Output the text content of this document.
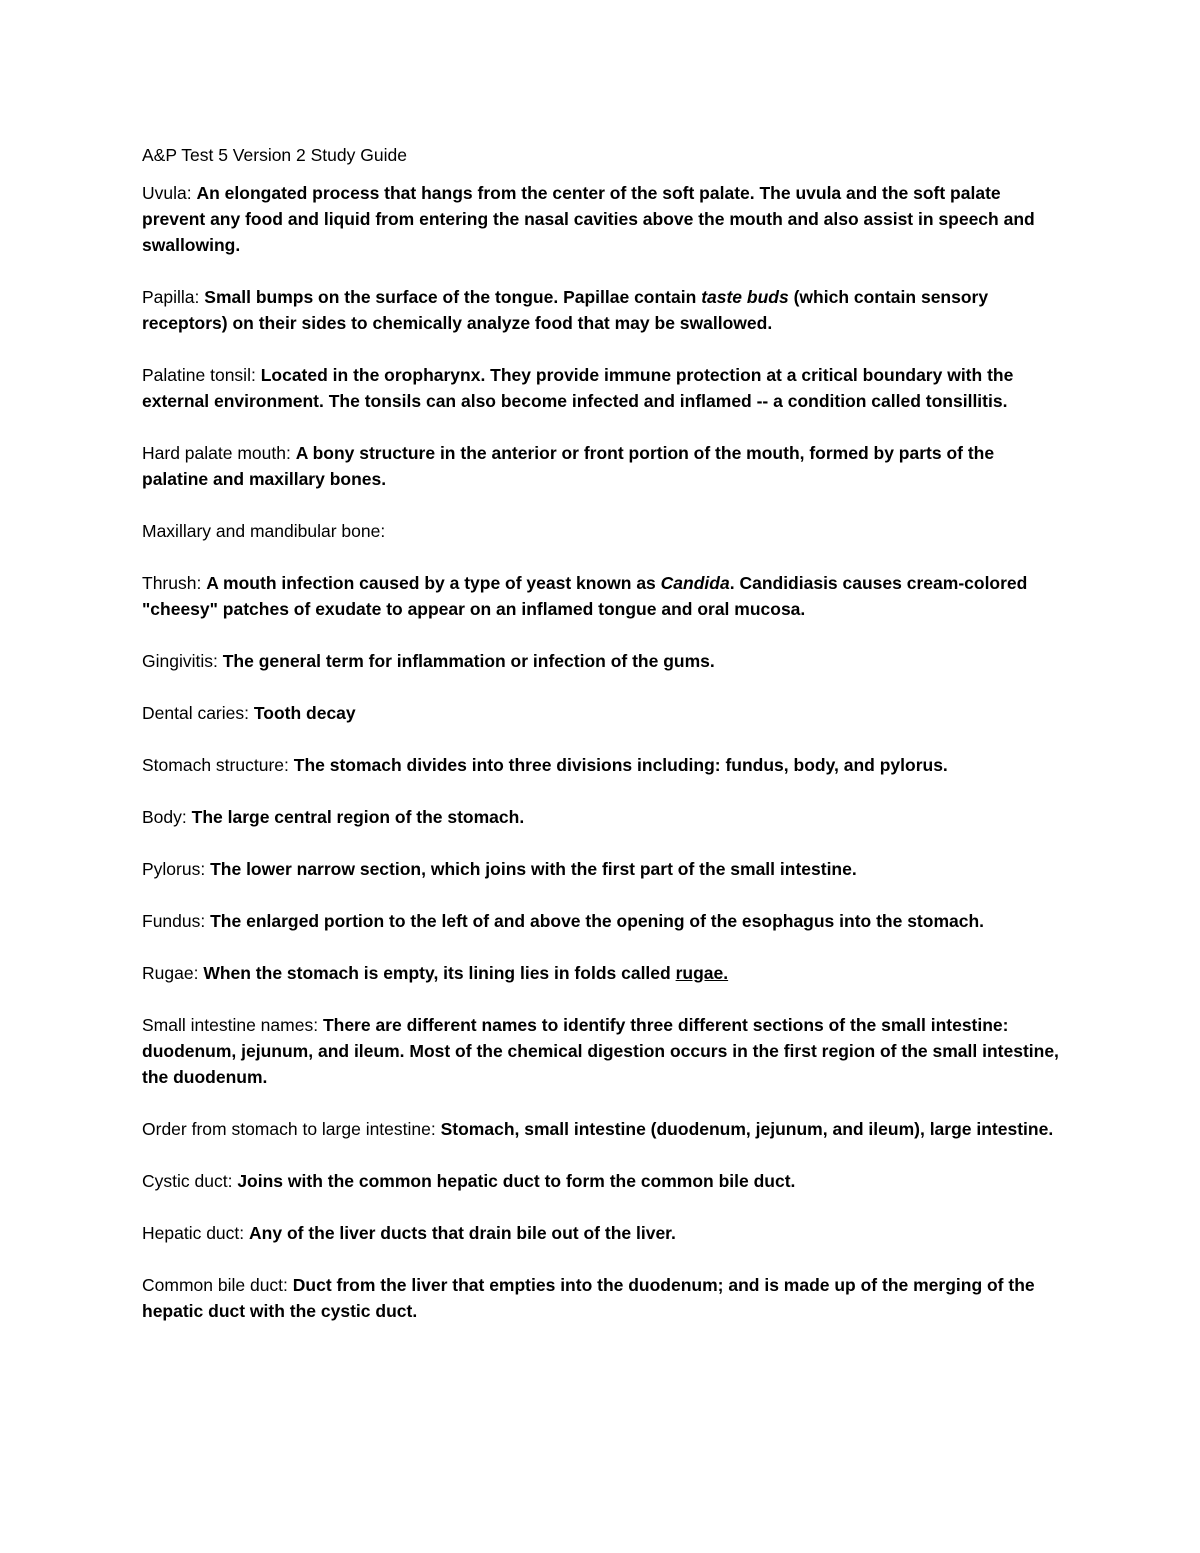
A&P Test 5 Version 2 Study Guide

Uvula: An elongated process that hangs from the center of the soft palate. The uvula and the soft palate prevent any food and liquid from entering the nasal cavities above the mouth and also assist in speech and swallowing.

Papilla: Small bumps on the surface of the tongue. Papillae contain taste buds (which contain sensory receptors) on their sides to chemically analyze food that may be swallowed.

Palatine tonsil: Located in the oropharynx. They provide immune protection at a critical boundary with the external environment. The tonsils can also become infected and inflamed -- a condition called tonsillitis.

Hard palate mouth: A bony structure in the anterior or front portion of the mouth, formed by parts of the palatine and maxillary bones.

Maxillary and mandibular bone:

Thrush: A mouth infection caused by a type of yeast known as Candida. Candidiasis causes cream-colored "cheesy" patches of exudate to appear on an inflamed tongue and oral mucosa.

Gingivitis: The general term for inflammation or infection of the gums.

Dental caries: Tooth decay

Stomach structure: The stomach divides into three divisions including: fundus, body, and pylorus.

Body: The large central region of the stomach.

Pylorus: The lower narrow section, which joins with the first part of the small intestine.

Fundus: The enlarged portion to the left of and above the opening of the esophagus into the stomach.

Rugae: When the stomach is empty, its lining lies in folds called rugae.

Small intestine names: There are different names to identify three different sections of the small intestine: duodenum, jejunum, and ileum. Most of the chemical digestion occurs in the first region of the small intestine, the duodenum.

Order from stomach to large intestine: Stomach, small intestine (duodenum, jejunum, and ileum), large intestine.

Cystic duct: Joins with the common hepatic duct to form the common bile duct.

Hepatic duct: Any of the liver ducts that drain bile out of the liver.

Common bile duct: Duct from the liver that empties into the duodenum; and is made up of the merging of the hepatic duct with the cystic duct.
